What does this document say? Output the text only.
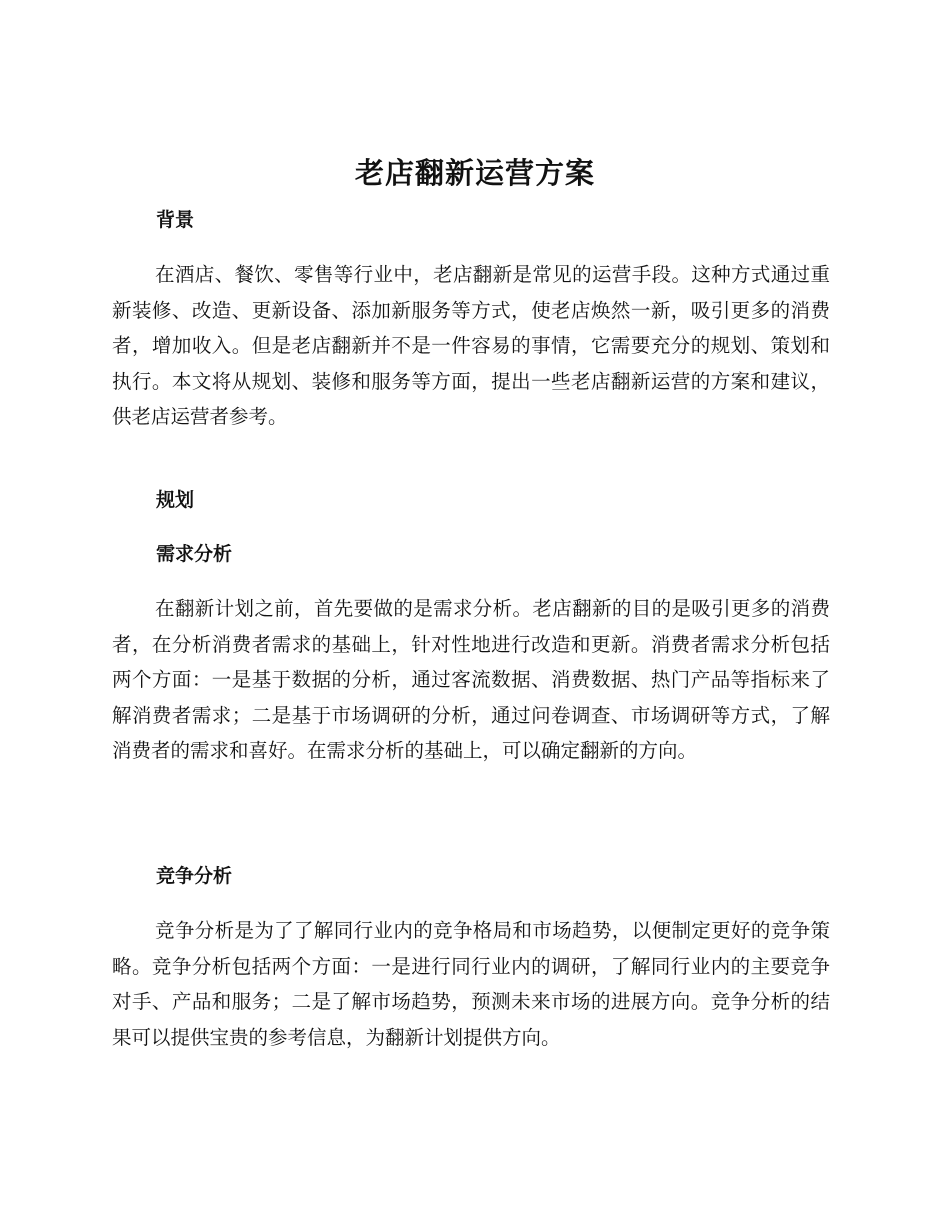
老店翻新运营方案
背景

在酒店、餐饮、零售等行业中，老店翻新是常见的运营手段。这种方式通过重新装修、改造、更新设备、添加新服务等方式，使老店焕然一新，吸引更多的消费者，增加收入。但是老店翻新并不是一件容易的事情，它需要充分的规划、策划和执行。本文将从规划、装修和服务等方面，提出一些老店翻新运营的方案和建议，供老店运营者参考。

规划
需求分析

在翻新计划之前，首先要做的是需求分析。老店翻新的目的是吸引更多的消费者，在分析消费者需求的基础上，针对性地进行改造和更新。消费者需求分析包括两个方面：一是基于数据的分析，通过客流数据、消费数据、热门产品等指标来了解消费者需求；二是基于市场调研的分析，通过问卷调查、市场调研等方式，了解消费者的需求和喜好。在需求分析的基础上，可以确定翻新的方向。

竞争分析

竞争分析是为了了解同行业内的竞争格局和市场趋势，以便制定更好的竞争策略。竞争分析包括两个方面：一是进行同行业内的调研，了解同行业内的主要竞争对手、产品和服务；二是了解市场趋势，预测未来市场的进展方向。竞争分析的结果可以提供宝贵的参考信息，为翻新计划提供方向。
